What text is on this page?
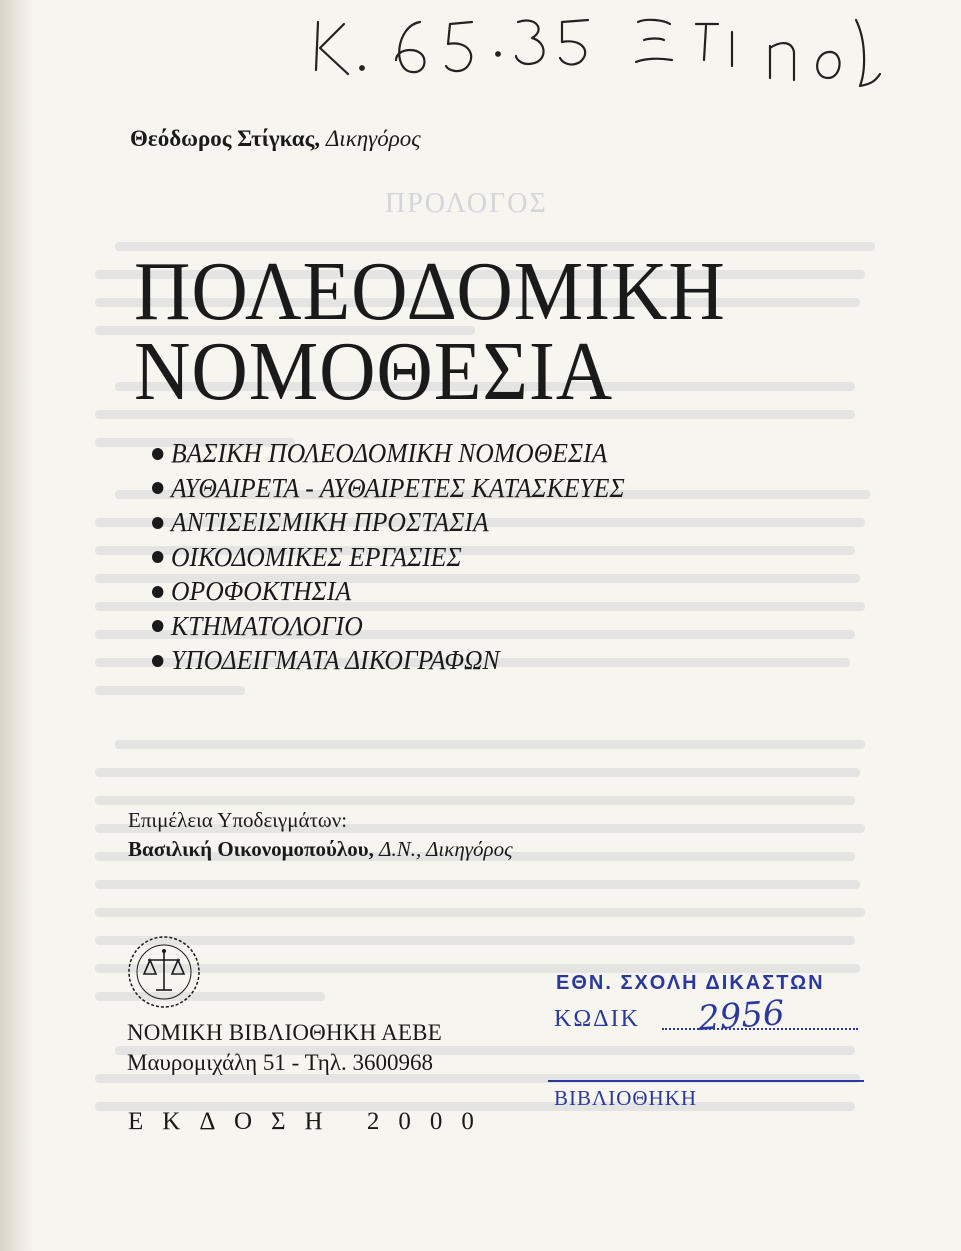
ΠΡΟΛΟΓΟΣ
Θεόδωρος Στίγκας, Δικηγόρος
ΠΟΛΕΟΔΟΜΙΚΗ
ΝΟΜΟΘΕΣΙΑ
ΒΑΣΙΚΗ ΠΟΛΕΟΔΟΜΙΚΗ ΝΟΜΟΘΕΣΙΑ
ΑΥΘΑΙΡΕΤΑ - ΑΥΘΑΙΡΕΤΕΣ ΚΑΤΑΣΚΕΥΕΣ
ΑΝΤΙΣΕΙΣΜΙΚΗ ΠΡΟΣΤΑΣΙΑ
ΟΙΚΟΔΟΜΙΚΕΣ ΕΡΓΑΣΙΕΣ
ΟΡΟΦΟΚΤΗΣΙΑ
ΚΤΗΜΑΤΟΛΟΓΙΟ
ΥΠΟΔΕΙΓΜΑΤΑ ΔΙΚΟΓΡΑΦΩΝ
Επιμέλεια Υποδειγμάτων:
Βασιλική Οικονομοπούλου, Δ.Ν., Δικηγόρος
ΝΟΜΙΚΗ ΒΙΒΛΙΟΘΗΚΗ ΑΕΒΕ
Μαυρομιχάλη 51 - Τηλ. 3600968
ΕΚΔΟΣΗ 2000
ΕΘΝ. ΣΧΟΛΗ ΔΙΚΑΣΤΩΝ
ΚΩΔΙΚ 2956
ΒΙΒΛΙΟΘΗΚΗ
